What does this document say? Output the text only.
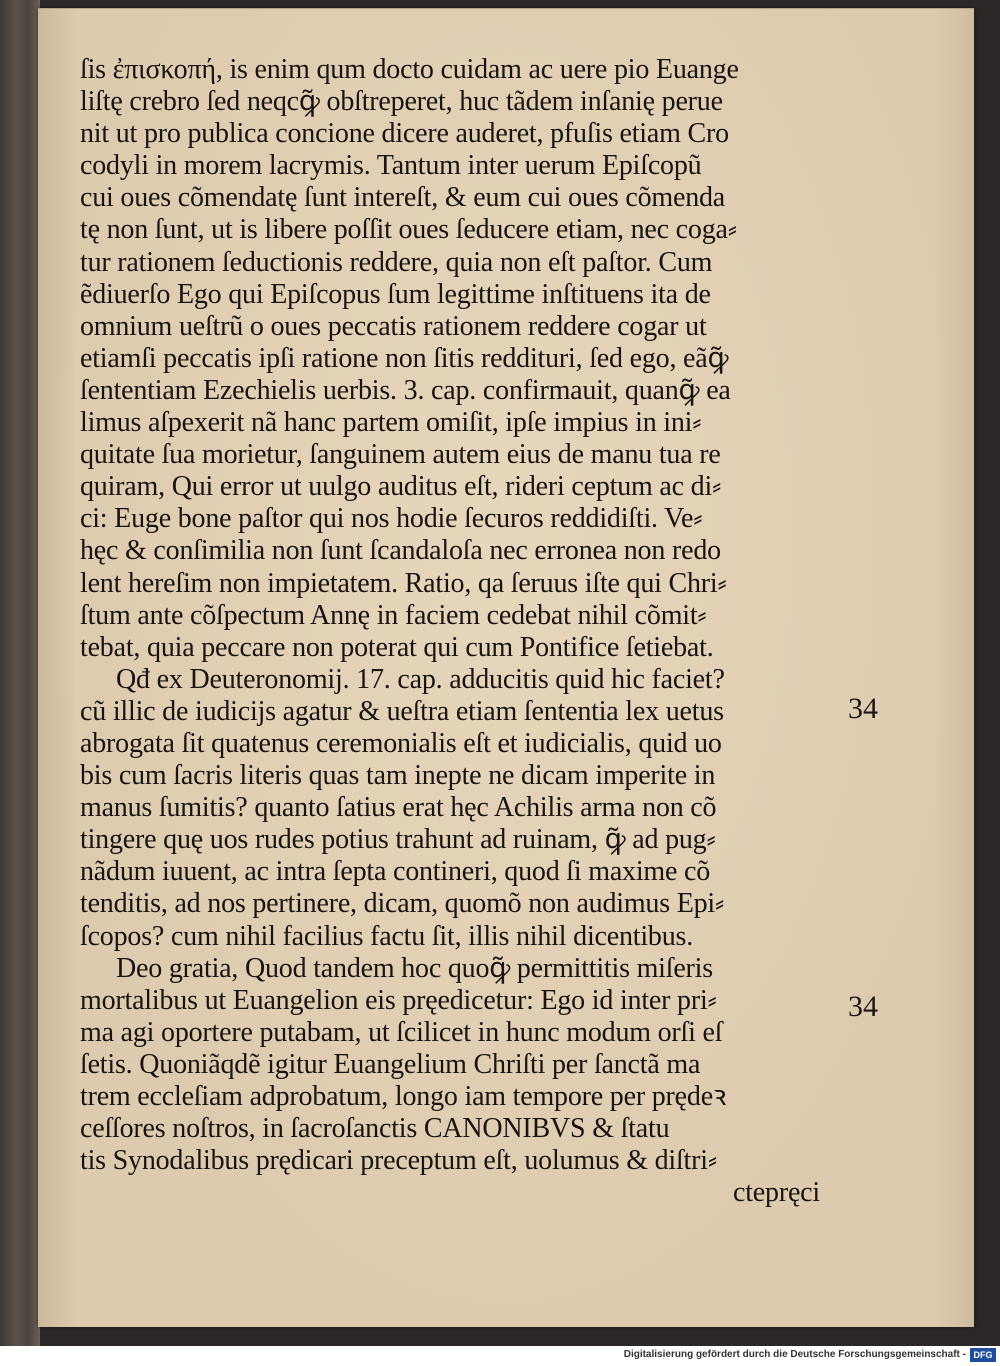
ſis ἐπισκοπή, is enim qum docto cuidam ac uere pio Euange
liſtę crebro ſed neqcꝙ̃ obſtreperet, huc tãdem inſanię perue
nit ut pro publica concione dicere auderet, pfuſis etiam Cro
codyli in morem lacrymis. Tantum inter uerum Epiſcopũ
cui oues cõmendatę ſunt intereſt, & eum cui oues cõmenda
tę non ſunt, ut is libere poſſit oues ſeducere etiam, nec coga⸗
tur rationem ſeductionis reddere, quia non eſt paſtor. Cum
ẽdiuerſo Ego qui Epiſcopus ſum legittime inſtituens ita de
omnium ueſtrũ o oues peccatis rationem reddere cogar ut
etiamſi peccatis ipſi ratione non ſitis reddituri, ſed ego, eãꝙ̃
ſententiam Ezechielis uerbis. 3. cap. confirmauit, quanꝙ̃ ea
limus aſpexerit nã hanc partem omiſit, ipſe impius in ini⸗
quitate ſua morietur, ſanguinem autem eius de manu tua re
quiram, Qui error ut uulgo auditus eſt, rideri ceptum ac di⸗
ci: Euge bone paſtor qui nos hodie ſecuros reddidiſti. Ve⸗
hęc & conſimilia non ſunt ſcandaloſa nec erronea non redo
lent hereſim non impietatem. Ratio, qa ſeruus iſte qui Chri⸗
ſtum ante cõſpectum Annę in faciem cedebat nihil cõmit⸗
tebat, quia peccare non poterat qui cum Pontifice ſetiebat.
Qđ ex Deuteronomij. 17. cap. adducitis quid hic faciet?
cũ illic de iudicijs agatur & ueſtra etiam ſententia lex uetus
abrogata ſit quatenus ceremonialis eſt et iudicialis, quid uo
bis cum ſacris literis quas tam inepte ne dicam imperite in
manus ſumitis? quanto ſatius erat hęc Achilis arma non cõ
tingere quę uos rudes potius trahunt ad ruinam, ꝙ̃ ad pug⸗
nãdum iuuent, ac intra ſepta contineri, quod ſi maxime cõ
tenditis, ad nos pertinere, dicam, quomõ non audimus Epi⸗
ſcopos? cum nihil facilius factu ſit, illis nihil dicentibus.
Deo gratia, Quod tandem hoc quoꝙ̃ permittitis miſeris
mortalibus ut Euangelion eis pręedicetur: Ego id inter pri⸗
ma agi oportere putabam, ut ſcilicet in hunc modum orſi eſ
ſetis. Quoniãqdẽ igitur Euangelium Chriſti per ſanctã ma
trem eccleſiam adprobatum, longo iam tempore per prędeꝛ
ceſſores noſtros, in ſacroſanctis CANONIBVS & ſtatu
tis Synodalibus prędicari preceptum eſt, uolumus & diſtri⸗
ctepręci
34
34
Digitalisierung gefördert durch die Deutsche Forschungsgemeinschaft - DFG
